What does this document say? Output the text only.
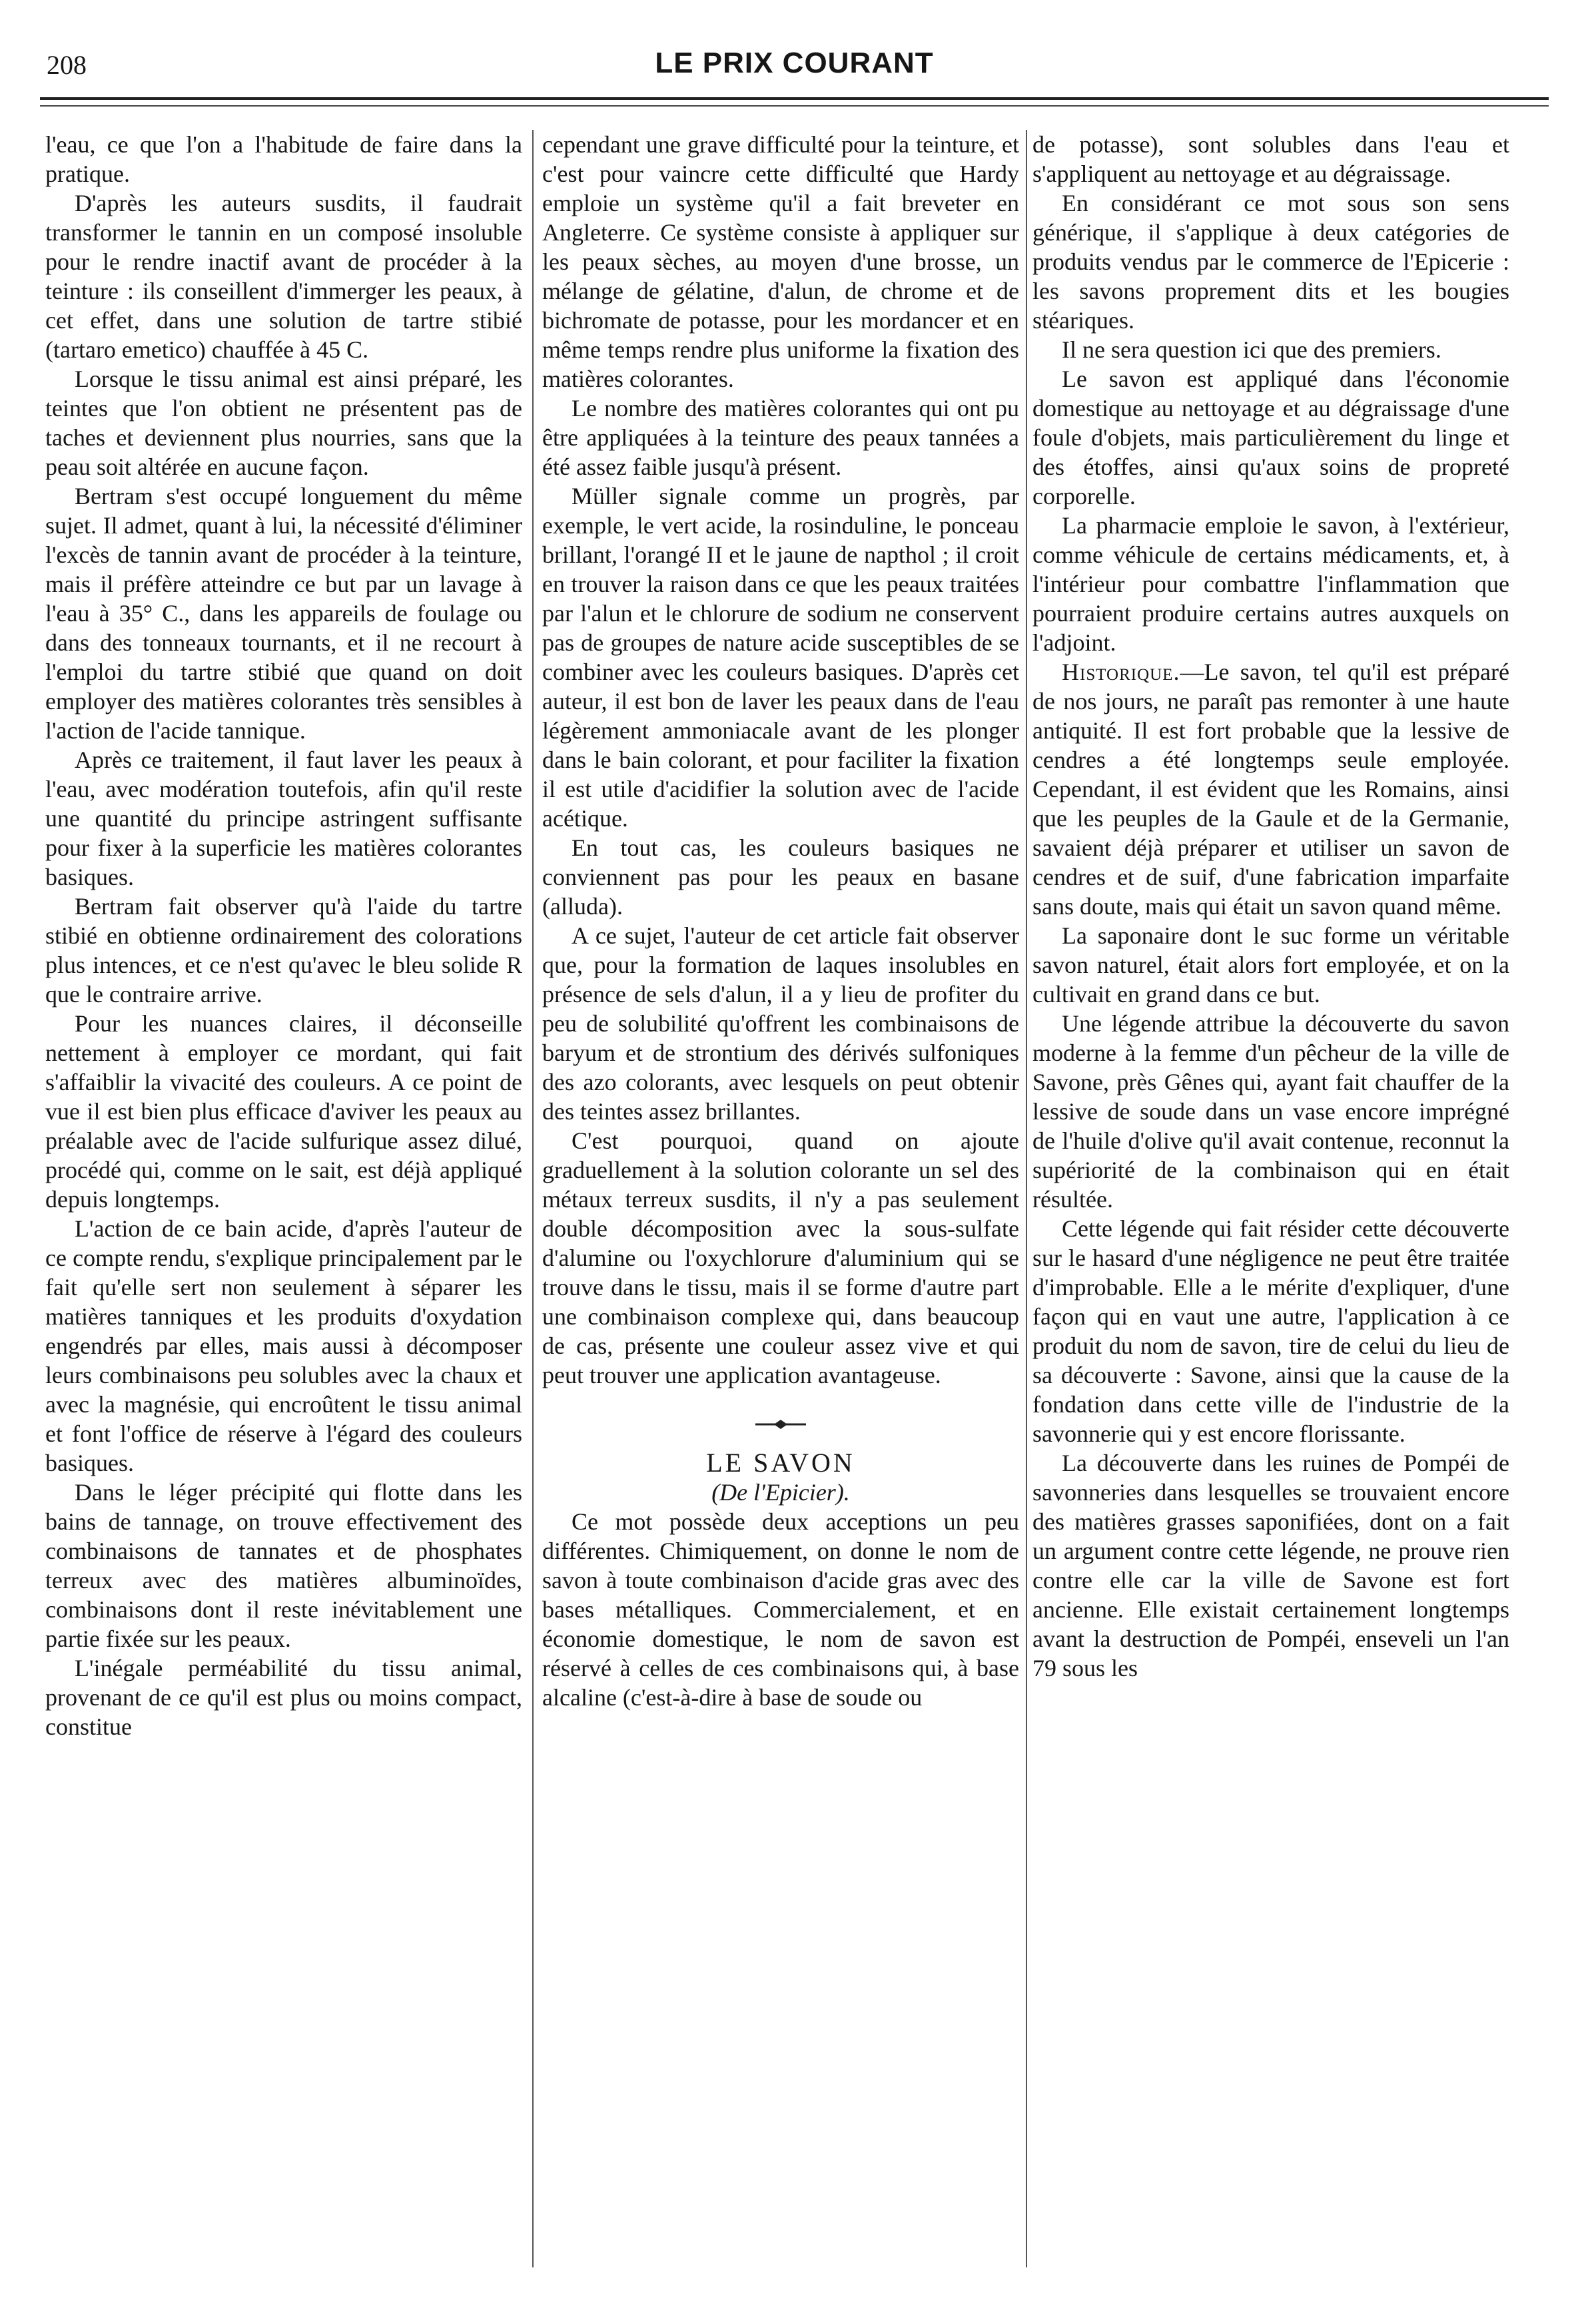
208	LE PRIX COURANT

l'eau, ce que l'on a l'habitude de faire dans la pratique.

D'après les auteurs susdits, il faudrait transformer le tannin en un composé insoluble pour le rendre inactif avant de procéder à la teinture : ils conseillent d'immerger les peaux, à cet effet, dans une solution de tartre stibié (tartaro emetico) chauffée à 45 C.

Lorsque le tissu animal est ainsi préparé, les teintes que l'on obtient ne présentent pas de taches et deviennent plus nourries, sans que la peau soit altérée en aucune façon.

Bertram s'est occupé longuement du même sujet. Il admet, quant à lui, la nécessité d'éliminer l'excès de tannin avant de procéder à la teinture, mais il préfère atteindre ce but par un lavage à l'eau à 35° C., dans les appareils de foulage ou dans des tonneaux tournants, et il ne recourt à l'emploi du tartre stibié que quand on doit employer des matières colorantes très sensibles à l'action de l'acide tannique.

Après ce traitement, il faut laver les peaux à l'eau, avec modération toutefois, afin qu'il reste une quantité du principe astringent suffisante pour fixer à la superficie les matières colorantes basiques.

Bertram fait observer qu'à l'aide du tartre stibié en obtienne ordinairement des colorations plus intences, et ce n'est qu'avec le bleu solide R que le contraire arrive.

Pour les nuances claires, il déconseille nettement à employer ce mordant, qui fait s'affaiblir la vivacité des couleurs. A ce point de vue il est bien plus efficace d'aviver les peaux au préalable avec de l'acide sulfurique assez dilué, procédé qui, comme on le sait, est déjà appliqué depuis longtemps.

L'action de ce bain acide, d'après l'auteur de ce compte rendu, s'explique principalement par le fait qu'elle sert non seulement à séparer les matières tanniques et les produits d'oxydation engendrés par elles, mais aussi à décomposer leurs combinaisons peu solubles avec la chaux et avec la magnésie, qui encroûtent le tissu animal et font l'office de réserve à l'égard des couleurs basiques.

Dans le léger précipité qui flotte dans les bains de tannage, on trouve effectivement des combinaisons de tannates et de phosphates terreux avec des matières albuminoïdes, combinaisons dont il reste inévitablement une partie fixée sur les peaux.

L'inégale perméabilité du tissu animal, provenant de ce qu'il est plus ou moins compact, constitue

cependant une grave difficulté pour la teinture, et c'est pour vaincre cette difficulté que Hardy emploie un système qu'il a fait breveter en Angleterre. Ce système consiste à appliquer sur les peaux sèches, au moyen d'une brosse, un mélange de gélatine, d'alun, de chrome et de bichromate de potasse, pour les mordancer et en même temps rendre plus uniforme la fixation des matières colorantes.

Le nombre des matières colorantes qui ont pu être appliquées à la teinture des peaux tannées a été assez faible jusqu'à présent.

Müller signale comme un progrès, par exemple, le vert acide, la rosinduline, le ponceau brillant, l'orangé II et le jaune de napthol ; il croit en trouver la raison dans ce que les peaux traitées par l'alun et le chlorure de sodium ne conservent pas de groupes de nature acide susceptibles de se combiner avec les couleurs basiques. D'après cet auteur, il est bon de laver les peaux dans de l'eau légèrement ammoniacale avant de les plonger dans le bain colorant, et pour faciliter la fixation il est utile d'acidifier la solution avec de l'acide acétique.

En tout cas, les couleurs basiques ne conviennent pas pour les peaux en basane (alluda).

A ce sujet, l'auteur de cet article fait observer que, pour la formation de laques insolubles en présence de sels d'alun, il a y lieu de profiter du peu de solubilité qu'offrent les combinaisons de baryum et de strontium des dérivés sulfoniques des azo colorants, avec lesquels on peut obtenir des teintes assez brillantes.

C'est pourquoi, quand on ajoute graduellement à la solution colorante un sel des métaux terreux susdits, il n'y a pas seulement double décomposition avec la sous-sulfate d'alumine ou l'oxychlorure d'aluminium qui se trouve dans le tissu, mais il se forme d'autre part une combinaison complexe qui, dans beaucoup de cas, présente une couleur assez vive et qui peut trouver une application avantageuse.

LE SAVON

(De l'Epicier).

Ce mot possède deux acceptions un peu différentes. Chimiquement, on donne le nom de savon à toute combinaison d'acide gras avec des bases métalliques. Commercialement, et en économie domestique, le nom de savon est réservé à celles de ces combinaisons qui, à base alcaline (c'est-à-dire à base de soude ou

de potasse), sont solubles dans l'eau et s'appliquent au nettoyage et au dégraissage.

En considérant ce mot sous son sens générique, il s'applique à deux catégories de produits vendus par le commerce de l'Epicerie : les savons proprement dits et les bougies stéariques.

Il ne sera question ici que des premiers.

Le savon est appliqué dans l'économie domestique au nettoyage et au dégraissage d'une foule d'objets, mais particulièrement du linge et des étoffes, ainsi qu'aux soins de propreté corporelle.

La pharmacie emploie le savon, à l'extérieur, comme véhicule de certains médicaments, et, à l'intérieur pour combattre l'inflammation que pourraient produire certains autres auxquels on l'adjoint.

Historique.—Le savon, tel qu'il est préparé de nos jours, ne paraît pas remonter à une haute antiquité. Il est fort probable que la lessive de cendres a été longtemps seule employée. Cependant, il est évident que les Romains, ainsi que les peuples de la Gaule et de la Germanie, savaient déjà préparer et utiliser un savon de cendres et de suif, d'une fabrication imparfaite sans doute, mais qui était un savon quand même.

La saponaire dont le suc forme un véritable savon naturel, était alors fort employée, et on la cultivait en grand dans ce but.

Une légende attribue la découverte du savon moderne à la femme d'un pêcheur de la ville de Savone, près Gênes qui, ayant fait chauffer de la lessive de soude dans un vase encore imprégné de l'huile d'olive qu'il avait contenue, reconnut la supériorité de la combinaison qui en était résultée.

Cette légende qui fait résider cette découverte sur le hasard d'une négligence ne peut être traitée d'improbable. Elle a le mérite d'expliquer, d'une façon qui en vaut une autre, l'application à ce produit du nom de savon, tire de celui du lieu de sa découverte : Savone, ainsi que la cause de la fondation dans cette ville de l'industrie de la savonnerie qui y est encore florissante.

La découverte dans les ruines de Pompéi de savonneries dans lesquelles se trouvaient encore des matières grasses saponifiées, dont on a fait un argument contre cette légende, ne prouve rien contre elle car la ville de Savone est fort ancienne. Elle existait certainement longtemps avant la destruction de Pompéi, enseveli un l'an 79 sous les
